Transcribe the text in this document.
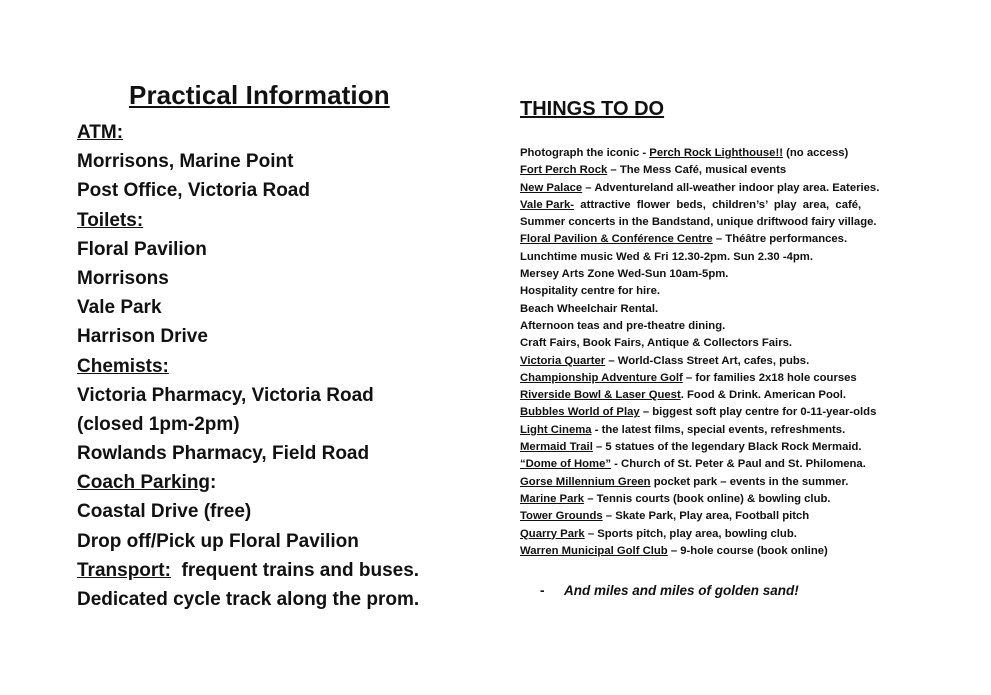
Practical Information
ATM:
Morrisons, Marine Point
Post Office, Victoria Road
Toilets:
Floral Pavilion
Morrisons
Vale Park
Harrison Drive
Chemists:
Victoria Pharmacy, Victoria Road
(closed 1pm-2pm)
Rowlands Pharmacy, Field Road
Coach Parking:
Coastal Drive (free)
Drop off/Pick up Floral Pavilion
Transport:  frequent trains and buses.
Dedicated cycle track along the prom.
THINGS TO DO
Photograph the iconic - Perch Rock Lighthouse!! (no access)
Fort Perch Rock – The Mess Café, musical events
New Palace – Adventureland all-weather indoor play area. Eateries.
Vale Park-  attractive  flower  beds,  children’s’  play  area,  café,
Summer concerts in the Bandstand, unique driftwood fairy village.
Floral Pavilion & Conférence Centre – Théâtre performances.
Lunchtime music Wed & Fri 12.30-2pm. Sun 2.30 -4pm.
Mersey Arts Zone Wed-Sun 10am-5pm.
Hospitality centre for hire.
Beach Wheelchair Rental.
Afternoon teas and pre-theatre dining.
Craft Fairs, Book Fairs, Antique & Collectors Fairs.
Victoria Quarter – World-Class Street Art, cafes, pubs.
Championship Adventure Golf – for families 2x18 hole courses
Riverside Bowl & Laser Quest. Food & Drink. American Pool.
Bubbles World of Play – biggest soft play centre for 0-11-year-olds
Light Cinema - the latest films, special events, refreshments.
Mermaid Trail – 5 statues of the legendary Black Rock Mermaid.
“Dome of Home” - Church of St. Peter & Paul and St. Philomena.
Gorse Millennium Green pocket park – events in the summer.
Marine Park – Tennis courts (book online) & bowling club.
Tower Grounds – Skate Park, Play area, Football pitch
Quarry Park – Sports pitch, play area, bowling club.
Warren Municipal Golf Club – 9-hole course (book online)
- And miles and miles of golden sand!
